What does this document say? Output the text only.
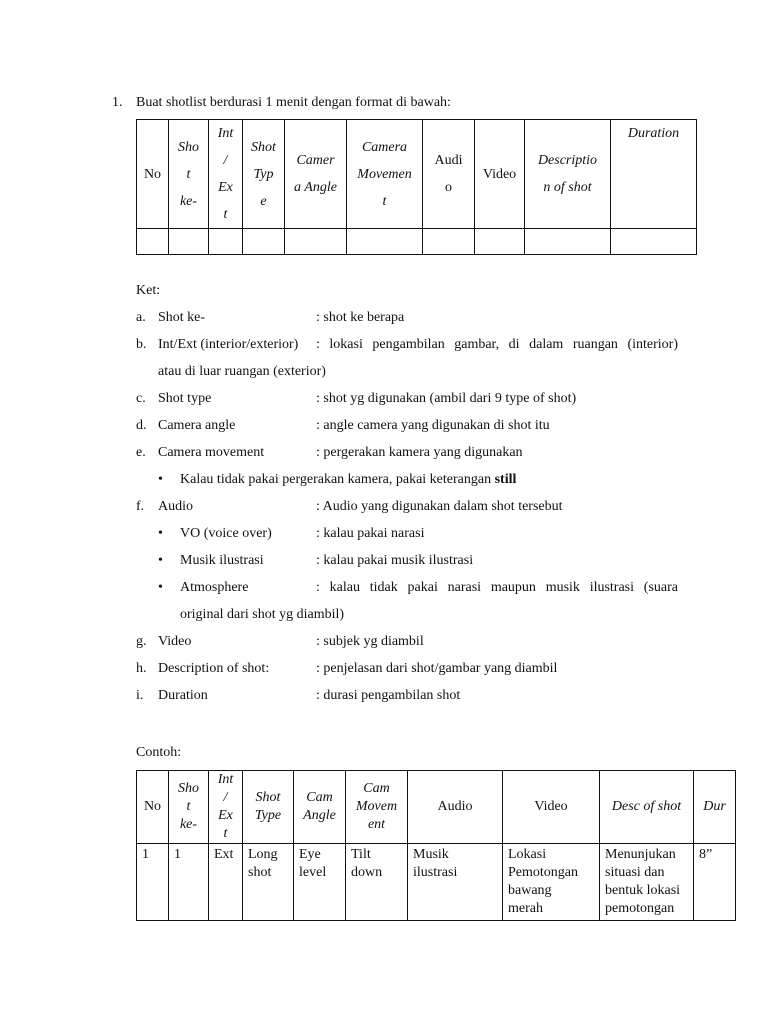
1. Buat shotlist berdurasi 1 menit dengan format di bawah:
No	Sho
t
ke-	Int
/
Ex
t	Shot
Typ
e	Camer
a Angle	Camera
Movemen
t	Audi
o	Video	Descriptio
n of shot	Duration

Ket:
a. Shot ke-	: shot ke berapa
b. Int/Ext (interior/exterior) : lokasi pengambilan gambar, di dalam ruangan (interior)
atau di luar ruangan (exterior)
c. Shot type	: shot yg digunakan (ambil dari 9 type of shot)
d. Camera angle	: angle camera yang digunakan di shot itu
e. Camera movement	: pergerakan kamera yang digunakan
• Kalau tidak pakai pergerakan kamera, pakai keterangan still
f. Audio	: Audio yang digunakan dalam shot tersebut
• VO (voice over)	: kalau pakai narasi
• Musik ilustrasi	: kalau pakai musik ilustrasi
• Atmosphere	: kalau tidak pakai narasi maupun musik ilustrasi (suara
original dari shot yg diambil)
g. Video	: subjek yg diambil
h. Description of shot:	: penjelasan dari shot/gambar yang diambil
i. Duration	: durasi pengambilan shot
Contoh:
No	Sho
t
ke-	Int
/
Ex
t	Shot
Type	Cam
Angle	Cam
Movem
ent	Audio	Video	Desc of shot	Dur
1	1	Ext	Long
shot	Eye
level	Tilt
down	Musik
ilustrasi	Lokasi
Pemotongan
bawang
merah	Menunjukan
situasi dan
bentuk lokasi
pemotongan	8”
